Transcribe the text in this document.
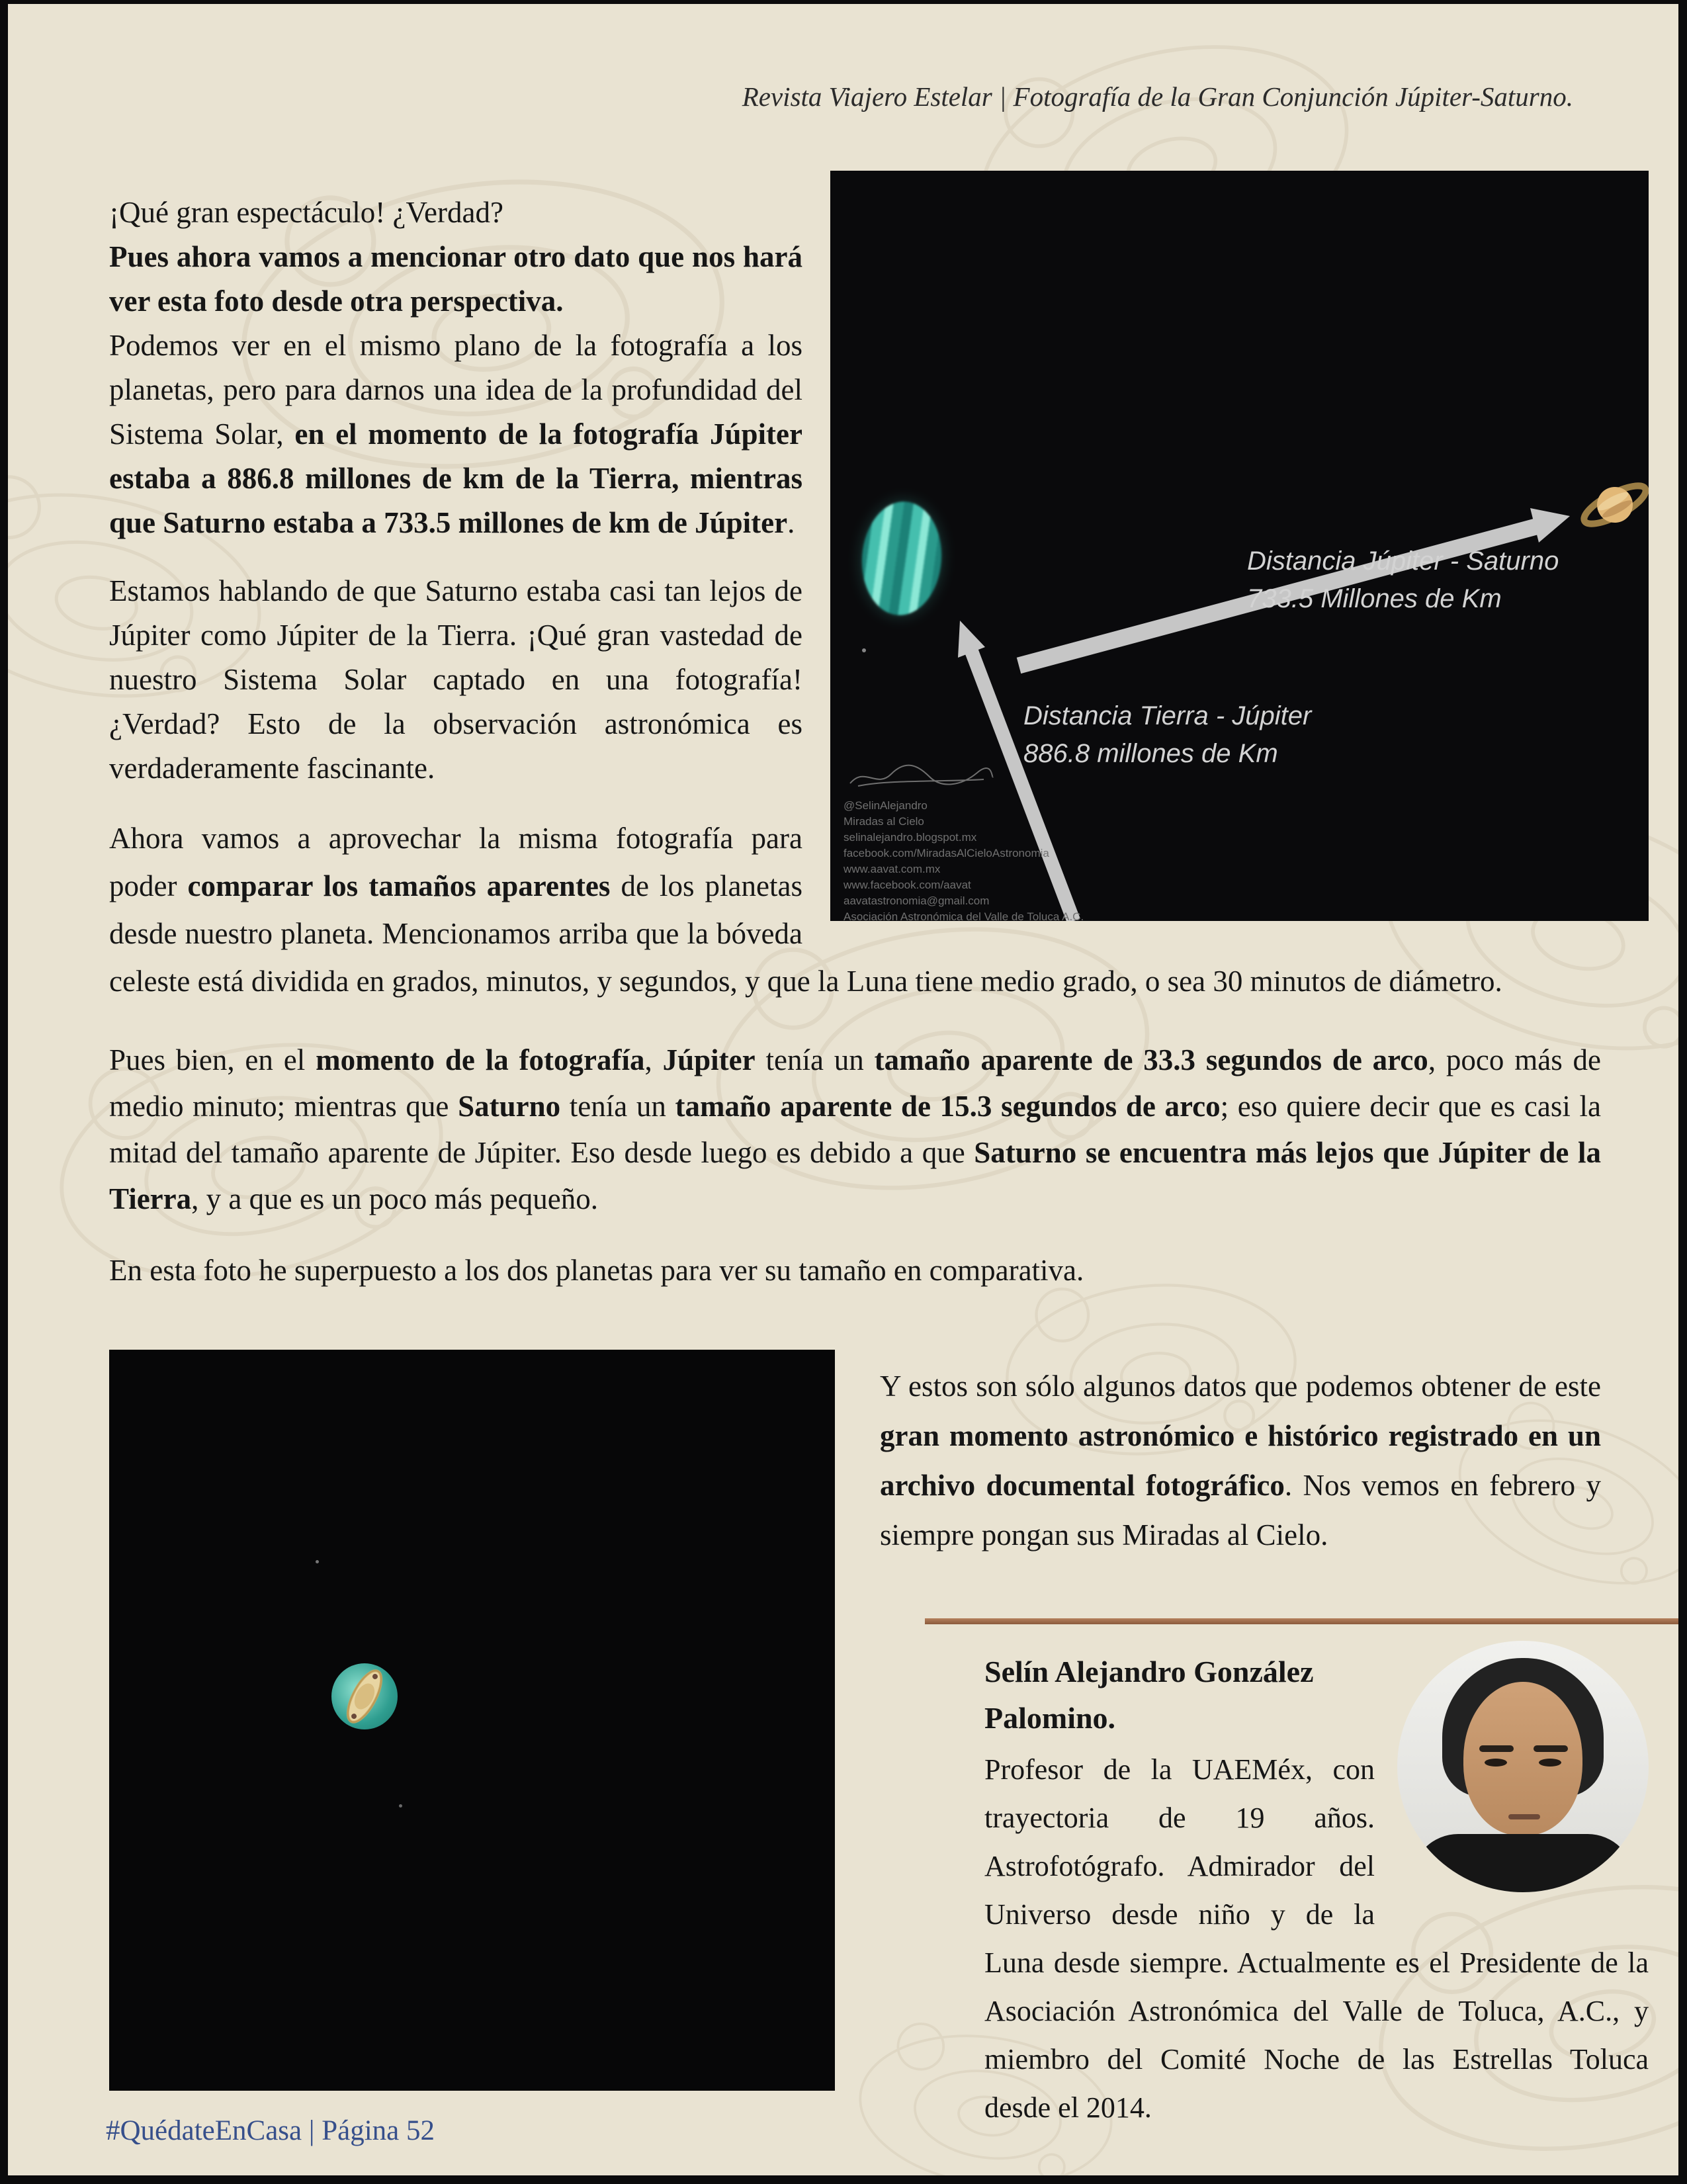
Revista Viajero Estelar | Fotografía de la Gran Conjunción Júpiter-Saturno.
Distancia Júpiter - Saturno
733.5 Millones de Km
Distancia Tierra - Júpiter
886.8 millones de Km
@SelinAlejandro
Miradas al Cielo
selinalejandro.blogspot.mx
facebook.com/MiradasAlCieloAstronomia
www.aavat.com.mx
www.facebook.com/aavat
aavatastronomia@gmail.com
Asociación Astronómica del Valle de Toluca A.C.

¡Qué gran espectáculo! ¿Verdad?

Pues ahora vamos a mencionar otro dato que nos hará ver esta foto desde otra perspectiva.

Podemos ver en el mismo plano de la fotografía a los planetas, pero para darnos una idea de la profundidad del Sistema Solar, en el momento de la fotografía Júpiter estaba a 886.8 millones de km de la Tierra, mientras que Saturno estaba a 733.5 millones de km de Júpiter.

Estamos hablando de que Saturno estaba casi tan lejos de Júpiter como Júpiter de la Tierra. ¡Qué gran vastedad de nuestro Sistema Solar captado en una fotografía! ¿Verdad? Esto de la observación astronómica es verdaderamente fascinante.

Ahora vamos a aprovechar la misma fotografía para poder comparar los tamaños aparentes de los planetas desde nuestro planeta. Mencionamos arriba que la bóveda celeste está dividida en grados, minutos, y segundos, y que la Luna tiene medio grado, o sea 30 minutos de diámetro.

Pues bien, en el momento de la fotografía, Júpiter tenía un tamaño aparente de 33.3 segundos de arco, poco más de medio minuto; mientras que Saturno tenía un tamaño aparente de 15.3 segundos de arco; eso quiere decir que es casi la mitad del tamaño aparente de Júpiter. Eso desde luego es debido a que Saturno se encuentra más lejos que Júpiter de la Tierra, y a que es un poco más pequeño.

En esta foto he superpuesto a los dos planetas para ver su tamaño en comparativa.

Y estos son sólo algunos datos que podemos obtener de este gran momento astronómico e histórico registrado en un archivo documental fotográfico. Nos vemos en febrero y siempre pongan sus Miradas al Cielo.

Selín Alejandro González Palomino.

Profesor de la UAEMéx, con trayectoria de 19 años. Astrofotógrafo. Admirador del Universo desde niño y de la Luna desde siempre. Actualmente es el Presidente de la Asociación Astronómica del Valle de Toluca, A.C., y miembro del Comité Noche de las Estrellas Toluca desde el 2014.

#QuédateEnCasa | Página 52
